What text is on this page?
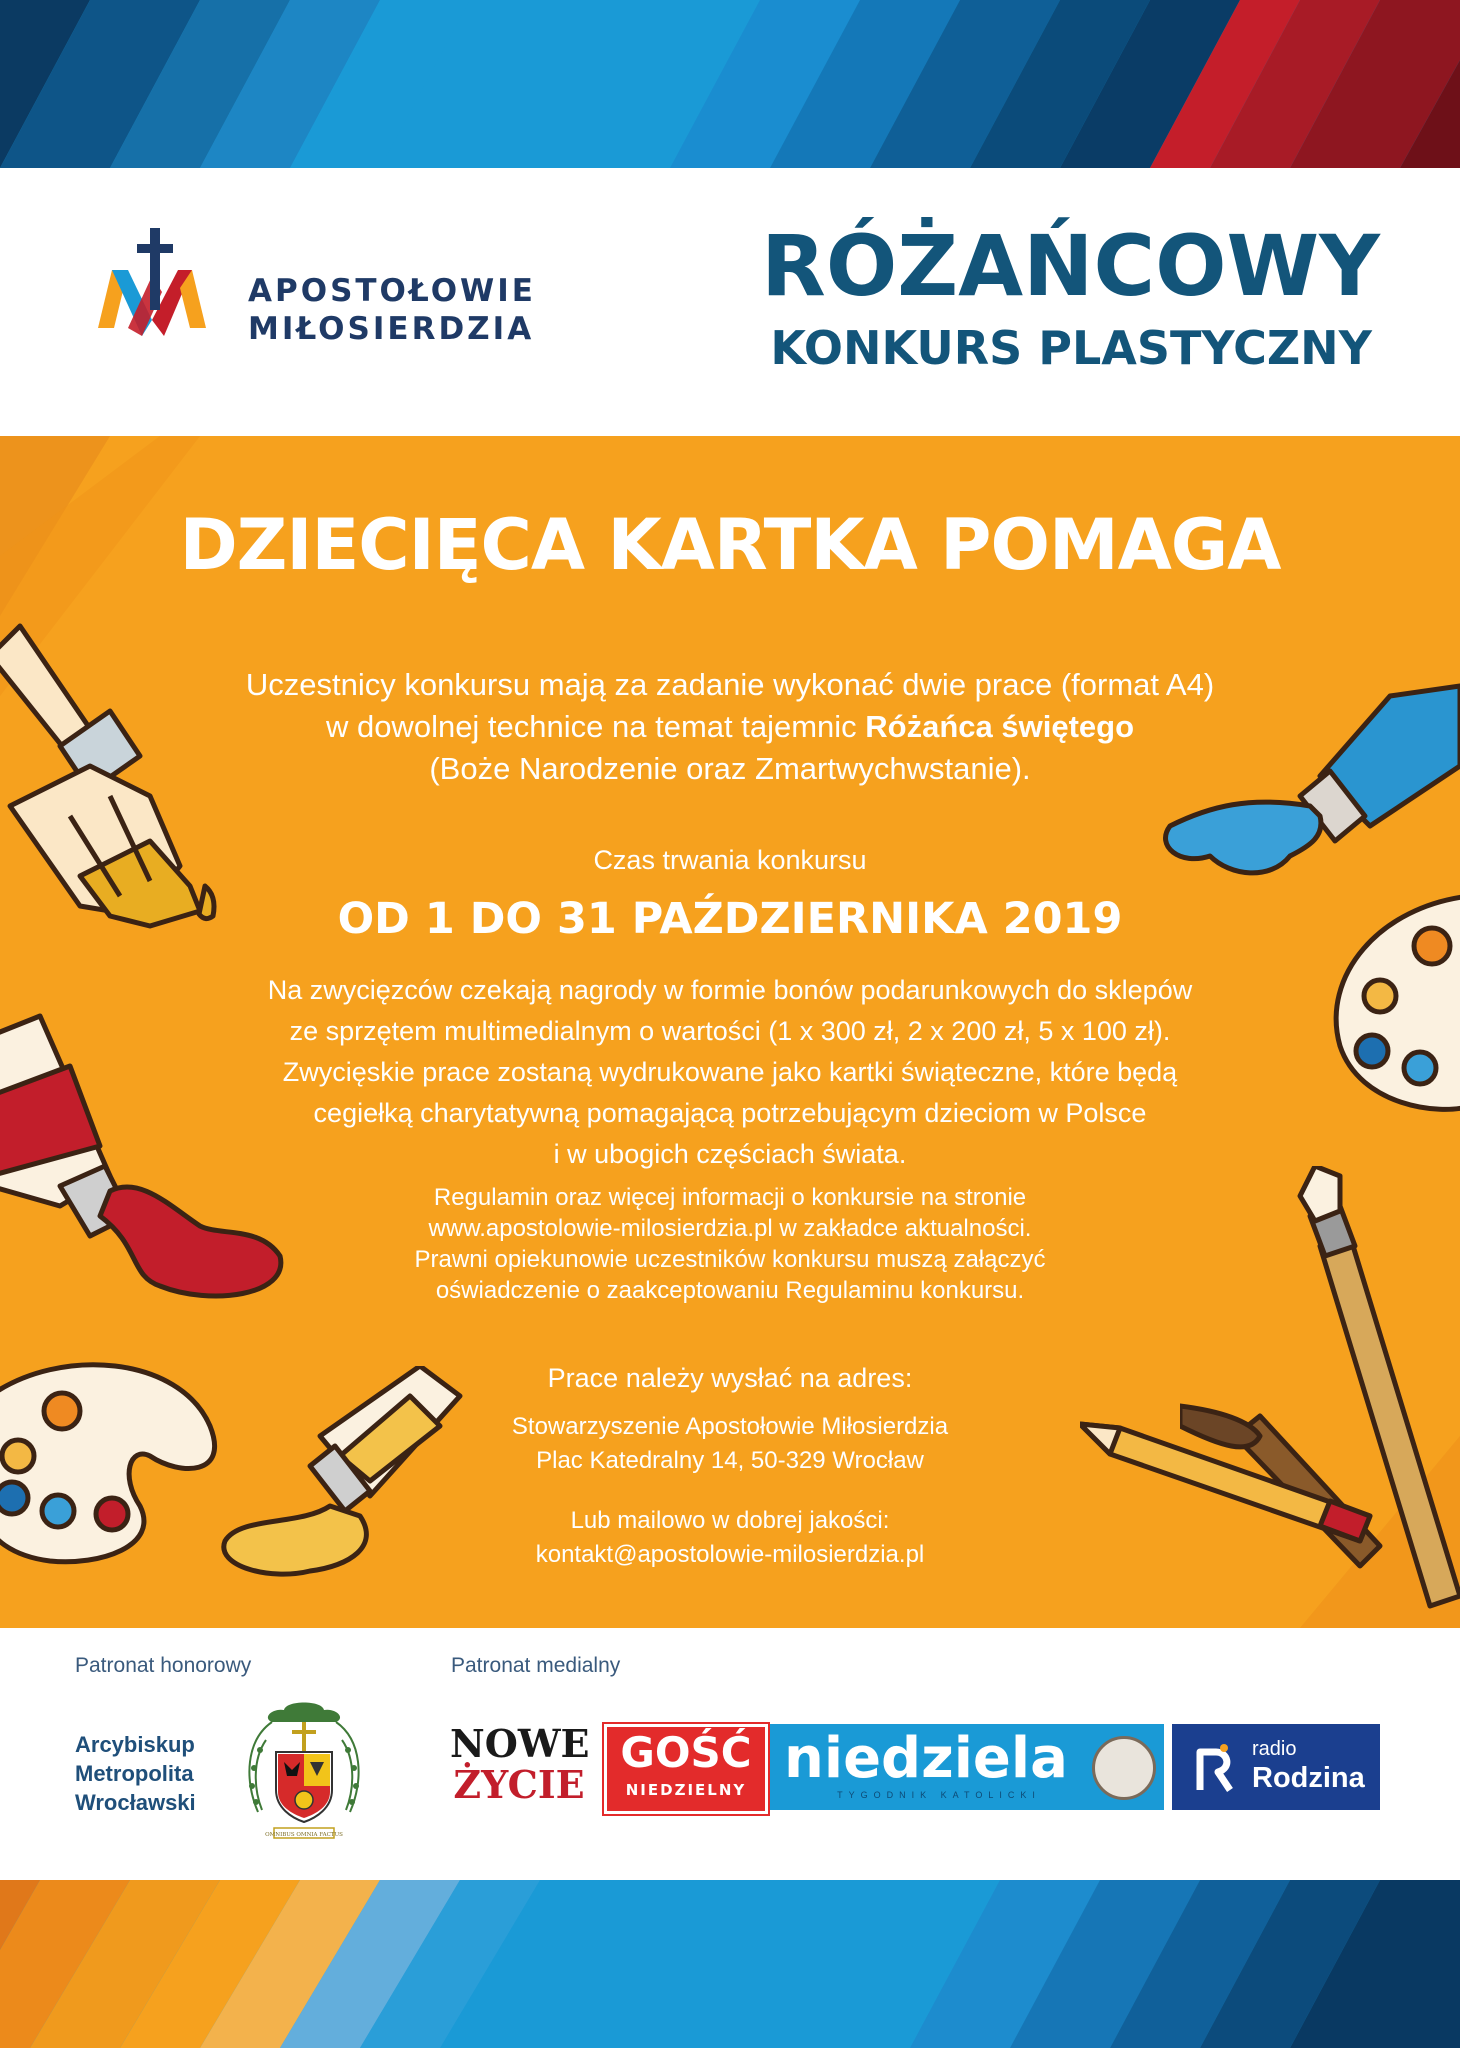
APOSTOŁOWIE
MIŁOSIERDZIA
RÓŻAŃCOWY
KONKURS PLASTYCZNY
DZIECIĘCA KARTKA POMAGA
Uczestnicy konkursu mają za zadanie wykonać dwie prace (format A4)
w dowolnej technice na temat tajemnic Różańca świętego
(Boże Narodzenie oraz Zmartwychwstanie).
Czas trwania konkursu
OD 1 DO 31 PAŹDZIERNIKA 2019
Na zwycięzców czekają nagrody w formie bonów podarunkowych do sklepów
ze sprzętem multimedialnym o wartości (1 x 300 zł, 2 x 200 zł, 5 x 100 zł).
Zwycięskie prace zostaną wydrukowane jako kartki świąteczne, które będą
cegiełką charytatywną pomagającą potrzebującym dzieciom w Polsce
i w ubogich częściach świata.
Regulamin oraz więcej informacji o konkursie na stronie
www.apostolowie-milosierdzia.pl w zakładce aktualności.
Prawni opiekunowie uczestników konkursu muszą załączyć
oświadczenie o zaakceptowaniu Regulaminu konkursu.
Prace należy wysłać na adres:
Stowarzyszenie Apostołowie Miłosierdzia
Plac Katedralny 14, 50-329 Wrocław
Lub mailowo w dobrej jakości:
kontakt@apostolowie-milosierdzia.pl
Patronat honorowy	Patronat medialny
Arcybiskup
Metropolita
Wrocławski
OMNIBUS OMNIA FACTUS
NOWE
ŻYCIE
GOŚĆ
NIEDZIELNY niedziela
TYGODNIK KATOLICKI
radio
Rodzina
